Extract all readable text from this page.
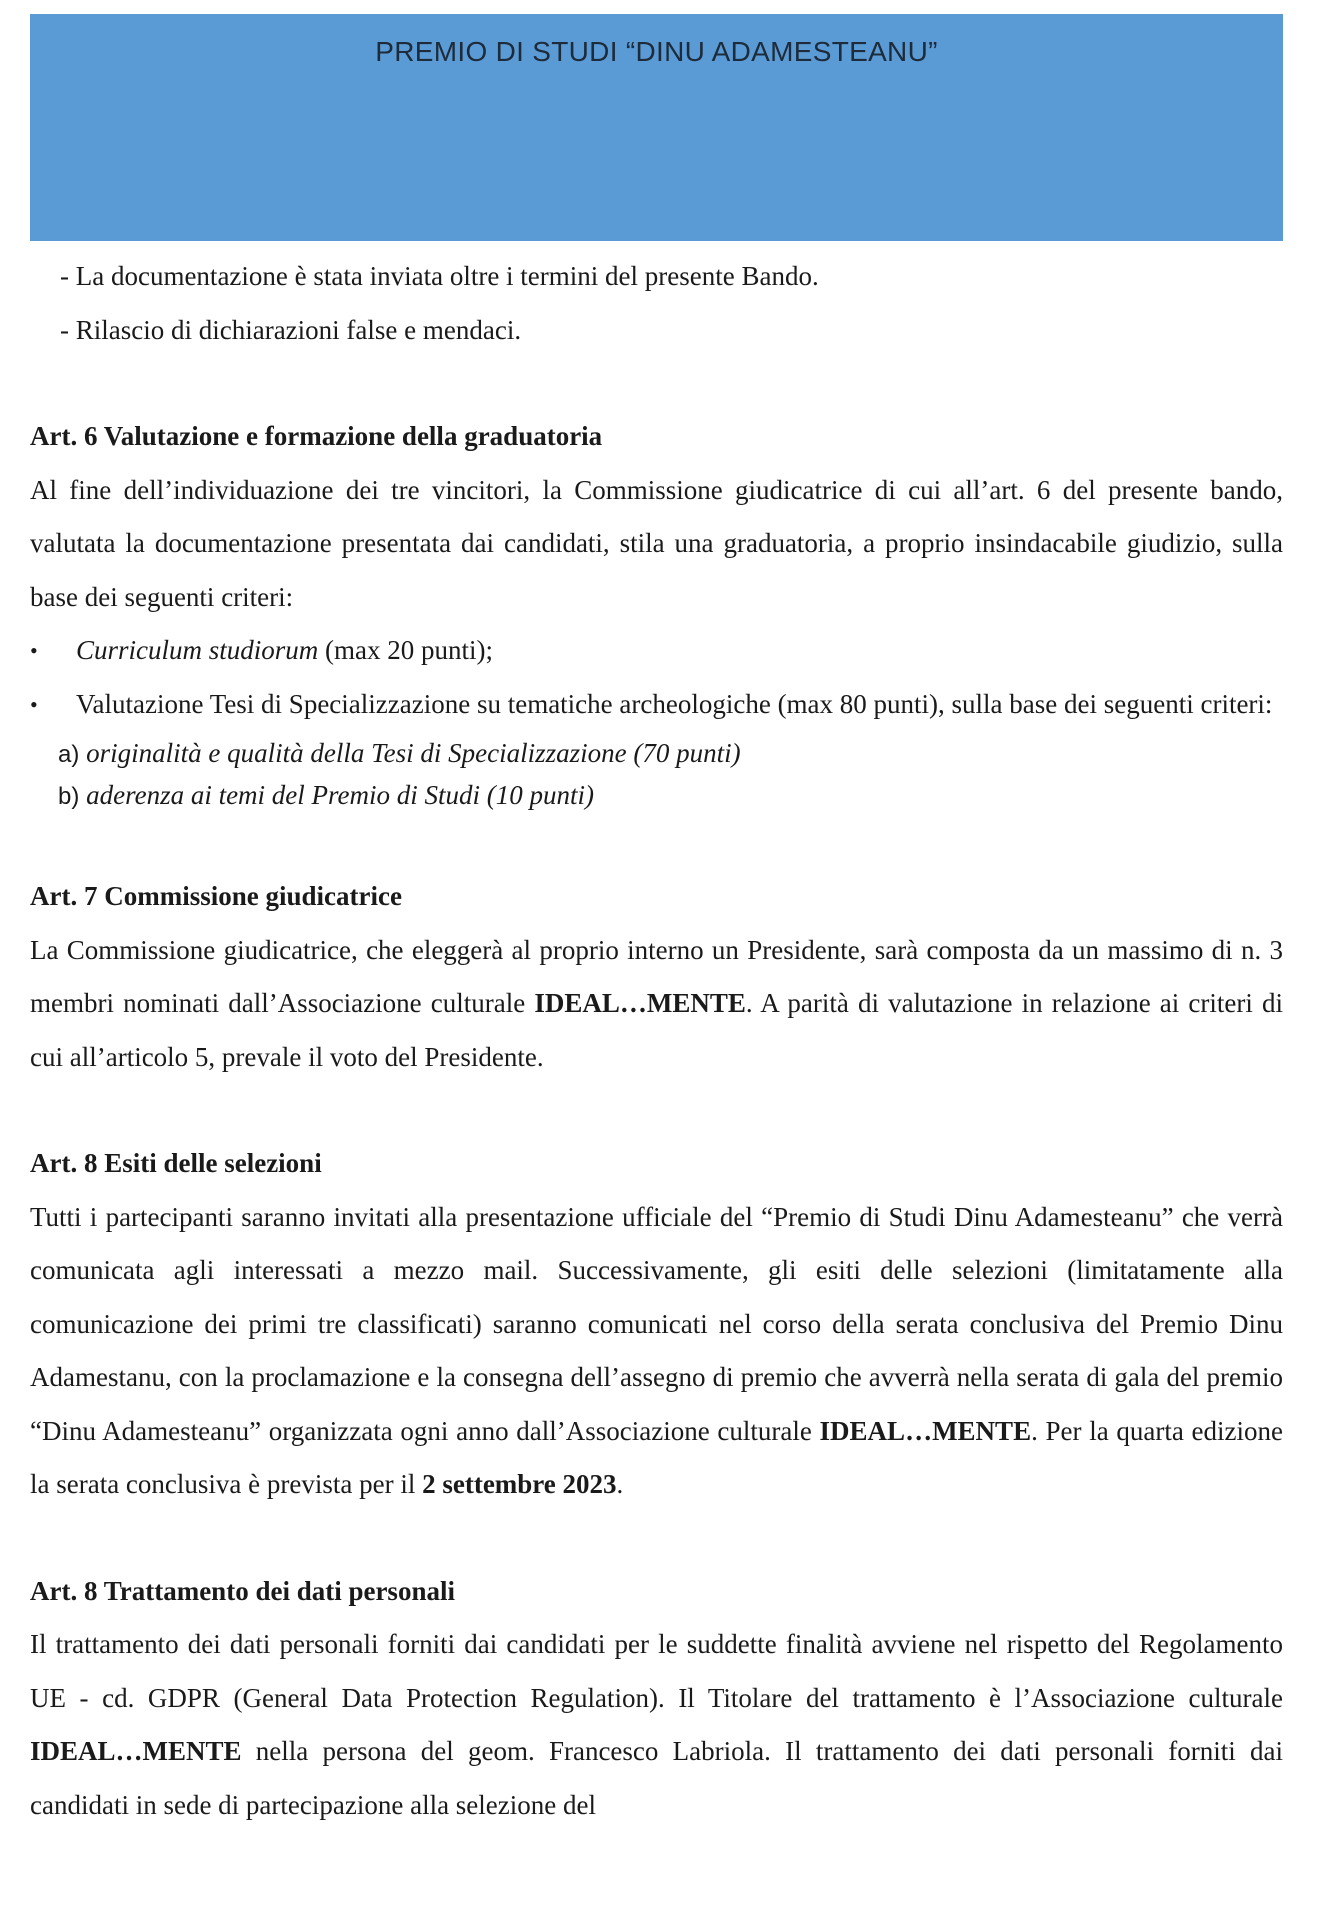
PREMIO DI STUDI “DINU ADAMESTEANU”

- La documentazione è stata inviata oltre i termini del presente Bando.

- Rilascio di dichiarazioni false e mendaci.

Art. 6 Valutazione e formazione della graduatoria

Al fine dell’individuazione dei tre vincitori, la Commissione giudicatrice di cui all’art. 6 del presente bando, valutata la documentazione presentata dai candidati, stila una graduatoria, a proprio insindacabile giudizio, sulla base dei seguenti criteri:

•	Curriculum studiorum (max 20 punti);
•	Valutazione Tesi di Specializzazione su tematiche archeologiche (max 80 punti), sulla base dei seguenti criteri:
a) originalità e qualità della Tesi di Specializzazione (70 punti)
b) aderenza ai temi del Premio di Studi (10 punti)

Art. 7 Commissione giudicatrice

La Commissione giudicatrice, che eleggerà al proprio interno un Presidente, sarà composta da un massimo di n. 3 membri nominati dall’Associazione culturale IDEAL…MENTE. A parità di valutazione in relazione ai criteri di cui all’articolo 5, prevale il voto del Presidente.

Art. 8 Esiti delle selezioni

Tutti i partecipanti saranno invitati alla presentazione ufficiale del “Premio di Studi Dinu Adamesteanu” che verrà comunicata agli interessati a mezzo mail. Successivamente, gli esiti delle selezioni (limitatamente alla comunicazione dei primi tre classificati) saranno comunicati nel corso della serata conclusiva del Premio Dinu Adamestanu, con la proclamazione e la consegna dell’assegno di premio che avverrà nella serata di gala del premio “Dinu Adamesteanu” organizzata ogni anno dall’Associazione culturale IDEAL…MENTE. Per la quarta edizione la serata conclusiva è prevista per il 2 settembre 2023.

Art. 8 Trattamento dei dati personali

Il trattamento dei dati personali forniti dai candidati per le suddette finalità avviene nel rispetto del Regolamento UE - cd. GDPR (General Data Protection Regulation). Il Titolare del trattamento è l’Associazione culturale IDEAL…MENTE nella persona del geom. Francesco Labriola. Il trattamento dei dati personali forniti dai candidati in sede di partecipazione alla selezione del
